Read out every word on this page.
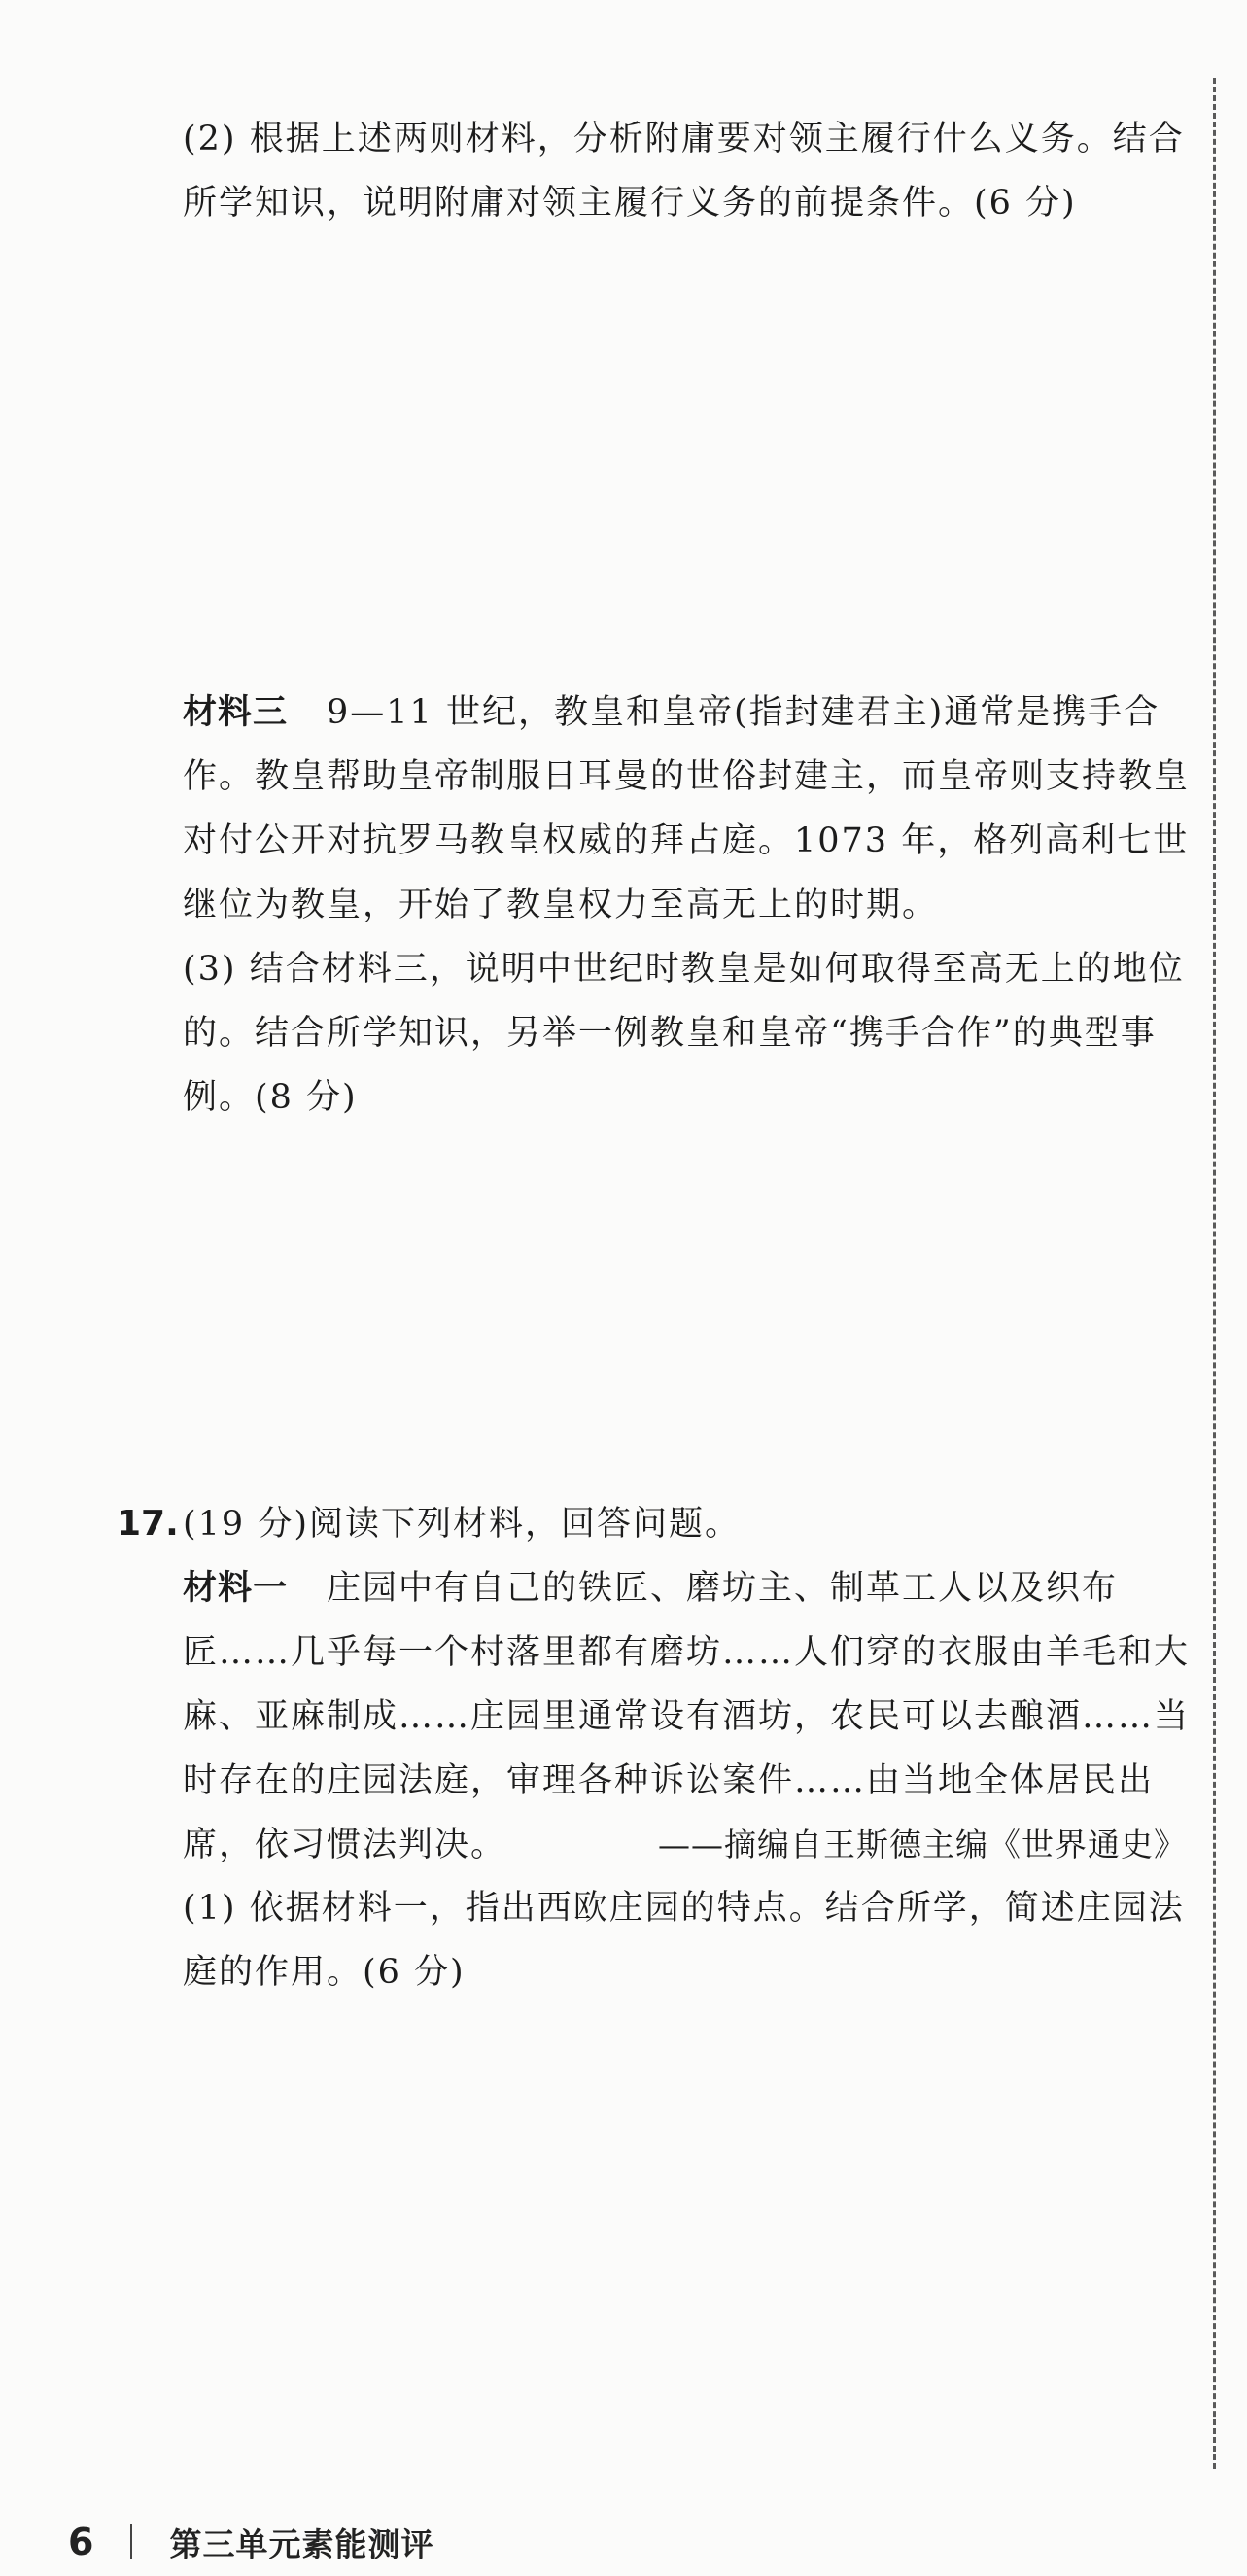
(2) 根据上述两则材料，分析附庸要对领主履行什么义务。结合所学知识，说明附庸对领主履行义务的前提条件。(6 分)

材料三 9—11 世纪，教皇和皇帝(指封建君主)通常是携手合作。教皇帮助皇帝制服日耳曼的世俗封建主，而皇帝则支持教皇对付公开对抗罗马教皇权威的拜占庭。1073 年，格列高利七世继位为教皇，开始了教皇权力至高无上的时期。

(3) 结合材料三，说明中世纪时教皇是如何取得至高无上的地位的。结合所学知识，另举一例教皇和皇帝“携手合作”的典型事例。(8 分)

17. (19 分)阅读下列材料，回答问题。

材料一 庄园中有自己的铁匠、磨坊主、制革工人以及织布匠……几乎每一个村落里都有磨坊……人们穿的衣服由羊毛和大麻、亚麻制成……庄园里通常设有酒坊，农民可以去酿酒……当时存在的庄园法庭，审理各种诉讼案件……由当地全体居民出席，依习惯法判决。	——摘编自王斯德主编《世界通史》

(1) 依据材料一，指出西欧庄园的特点。结合所学，简述庄园法庭的作用。(6 分)

6 第三单元素能测评
